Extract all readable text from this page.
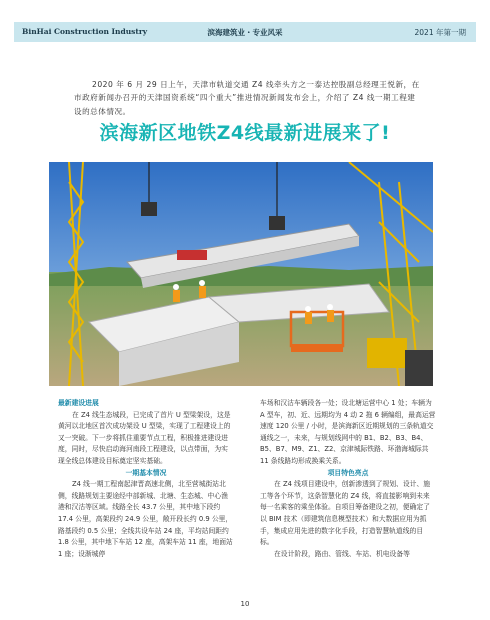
BinHai Construction Industry	滨海建筑业・专业风采	2021 年第一期

2020 年 6 月 29 日上午，天津市轨道交通 Z4 线牵头方之一泰达控股副总经理王悦新，在市政府新闻办召开的天津国资系统“四个重大”推进情况新闻发布会上，介绍了 Z4 线一期工程建设的总体情况。

滨海新区地铁Z4线最新进展来了!
最新建设进展

在 Z4 线生态城段，已完成了首片 U 型梁架设，这是黄河以北地区首次成功架设 U 型梁，实现了工程建设上的又一突破。下一步将抓住重要节点工程，积极推进建设进度，同时，尽快启动海河南段工程建设，以点带面，为实现全线总体建设目标奠定坚实基础。

一期基本情况

Z4 线一期工程南起津晋高速北侧，北至营城街站北侧，线路规划主要途经中部新城、北塘、生态城、中心渔港和汉沽等区域。线路全长 43.7 公里，其中地下段约 17.4 公里，高架段约 24.9 公里，敞开段长约 0.9 公里，路基段约 0.5 公里；全线共设车站 24 座，平均站间距约 1.8 公里，其中地下车站 12 座，高架车站 11 座，地面站 1 座；设渐城停

车场和汉沽车辆段各一处；设北塘运营中心 1 处；车辆为 A 型车，初、近、远期均为 4 动 2 拖 6 辆编组，最高运营速度 120 公里 / 小时，是滨海新区近期规划的三条轨道交通线之一，未来，与规划线网中的 B1、B2、B3、B4、B5、B7、M9、Z1、Z2、京津城际铁路、环渤海城际共 11 条线路均形成换乘关系。

项目特色亮点

在 Z4 线项目建设中，创新渗透到了规划、设计、施工等各个环节，这条智慧化的 Z4 线，将直接影响到未来每一名乘客的乘坐体验。自项目筹备建设之初，便确定了以 BIM 技术（即建筑信息模型技术）和大数据应用为抓手，集成应用先进的数字化手段，打造智慧轨道线的目标。

在设计阶段，路由、管线、车站、机电设备等

10
